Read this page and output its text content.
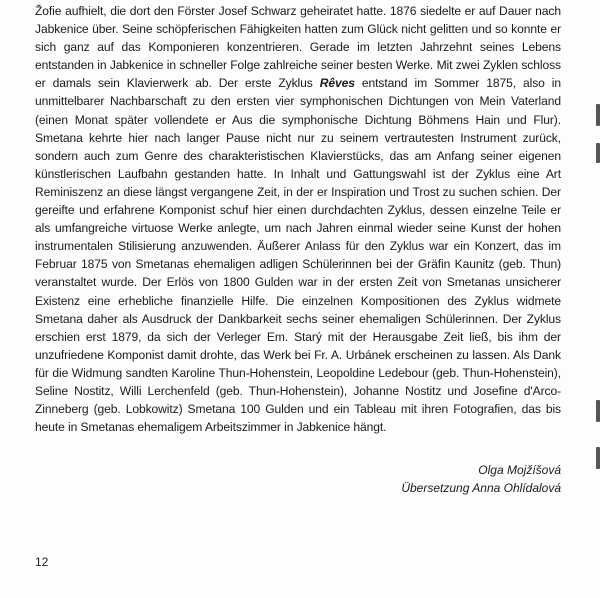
Žofie aufhielt, die dort den Förster Josef Schwarz geheiratet hatte. 1876 siedelte er auf Dauer nach Jabkenice über. Seine schöpferischen Fähigkeiten hatten zum Glück nicht gelitten und so konnte er sich ganz auf das Komponieren konzentrieren. Gerade im letzten Jahrzehnt seines Lebens entstanden in Jabkenice in schneller Folge zahlreiche seiner besten Werke. Mit zwei Zyklen schloss er damals sein Klavierwerk ab. Der erste Zyklus Rêves entstand im Sommer 1875, also in unmittelbarer Nachbarschaft zu den ersten vier symphonischen Dichtungen von Mein Vaterland (einen Monat später vollendete er Aus die symphonische Dichtung Böhmens Hain und Flur). Smetana kehrte hier nach langer Pause nicht nur zu seinem vertrautesten Instrument zurück, sondern auch zum Genre des charakteristischen Klavierstücks, das am Anfang seiner eigenen künstlerischen Laufbahn gestanden hatte. In Inhalt und Gattungswahl ist der Zyklus eine Art Reminiszenz an diese längst vergangene Zeit, in der er Inspiration und Trost zu suchen schien. Der gereifte und erfahrene Komponist schuf hier einen durchdachten Zyklus, dessen einzelne Teile er als umfangreiche virtuose Werke anlegte, um nach Jahren einmal wieder seine Kunst der hohen instrumentalen Stilisierung anzuwenden. Äußerer Anlass für den Zyklus war ein Konzert, das im Februar 1875 von Smetanas ehemaligen adligen Schülerinnen bei der Gräfin Kaunitz (geb. Thun) veranstaltet wurde. Der Erlös von 1800 Gulden war in der ersten Zeit von Smetanas unsicherer Existenz eine erhebliche finanzielle Hilfe. Die einzelnen Kompositionen des Zyklus widmete Smetana daher als Ausdruck der Dankbarkeit sechs seiner ehemaligen Schülerinnen. Der Zyklus erschien erst 1879, da sich der Verleger Em. Starý mit der Herausgabe Zeit ließ, bis ihm der unzufriedene Komponist damit drohte, das Werk bei Fr. A. Urbánek erscheinen zu lassen. Als Dank für die Widmung sandten Karoline Thun-Hohenstein, Leopoldine Ledebour (geb. Thun-Hohenstein), Seline Nostitz, Willi Lerchenfeld (geb. Thun-Hohenstein), Johanne Nostitz und Josefine d'Arco-Zinneberg (geb. Lobkowitz) Smetana 100 Gulden und ein Tableau mit ihren Fotografien, das bis heute in Smetanas ehemaligem Arbeitszimmer in Jabkenice hängt.

Olga Mojžíšová
Übersetzung Anna Ohlídalová
12
